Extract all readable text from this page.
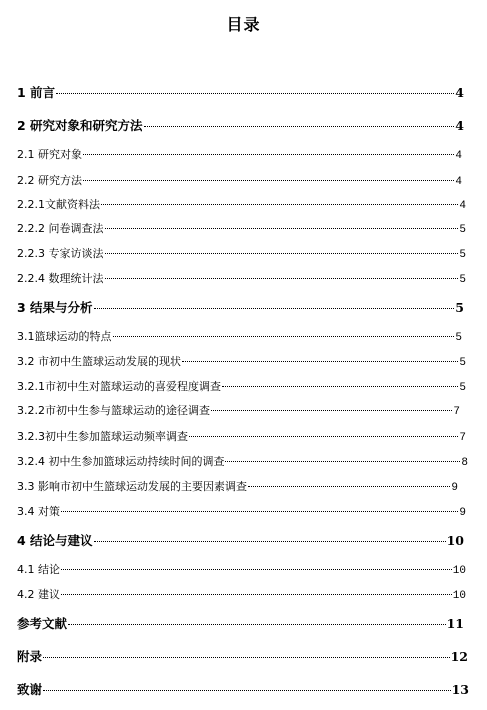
目录
1 前言	4
2 研究对象和研究方法	4
2.1 研究对象	4
2.2 研究方法	4
2.2.1文献资料法	4
2.2.2 问卷调查法	5
2.2.3 专家访谈法	5
2.2.4 数理统计法	5
3 结果与分析	5
3.1篮球运动的特点	5
3.2 市初中生篮球运动发展的现状	5
3.2.1市初中生对篮球运动的喜爱程度调查	5
3.2.2市初中生参与篮球运动的途径调查	7
3.2.3初中生参加篮球运动频率调查	7
3.2.4 初中生参加篮球运动持续时间的调查	8
3.3 影响市初中生篮球运动发展的主要因素调查	9
3.4 对策	9
4 结论与建议	10
4.1 结论	10
4.2 建议	10
参考文献	11
附录	12
致谢	13
